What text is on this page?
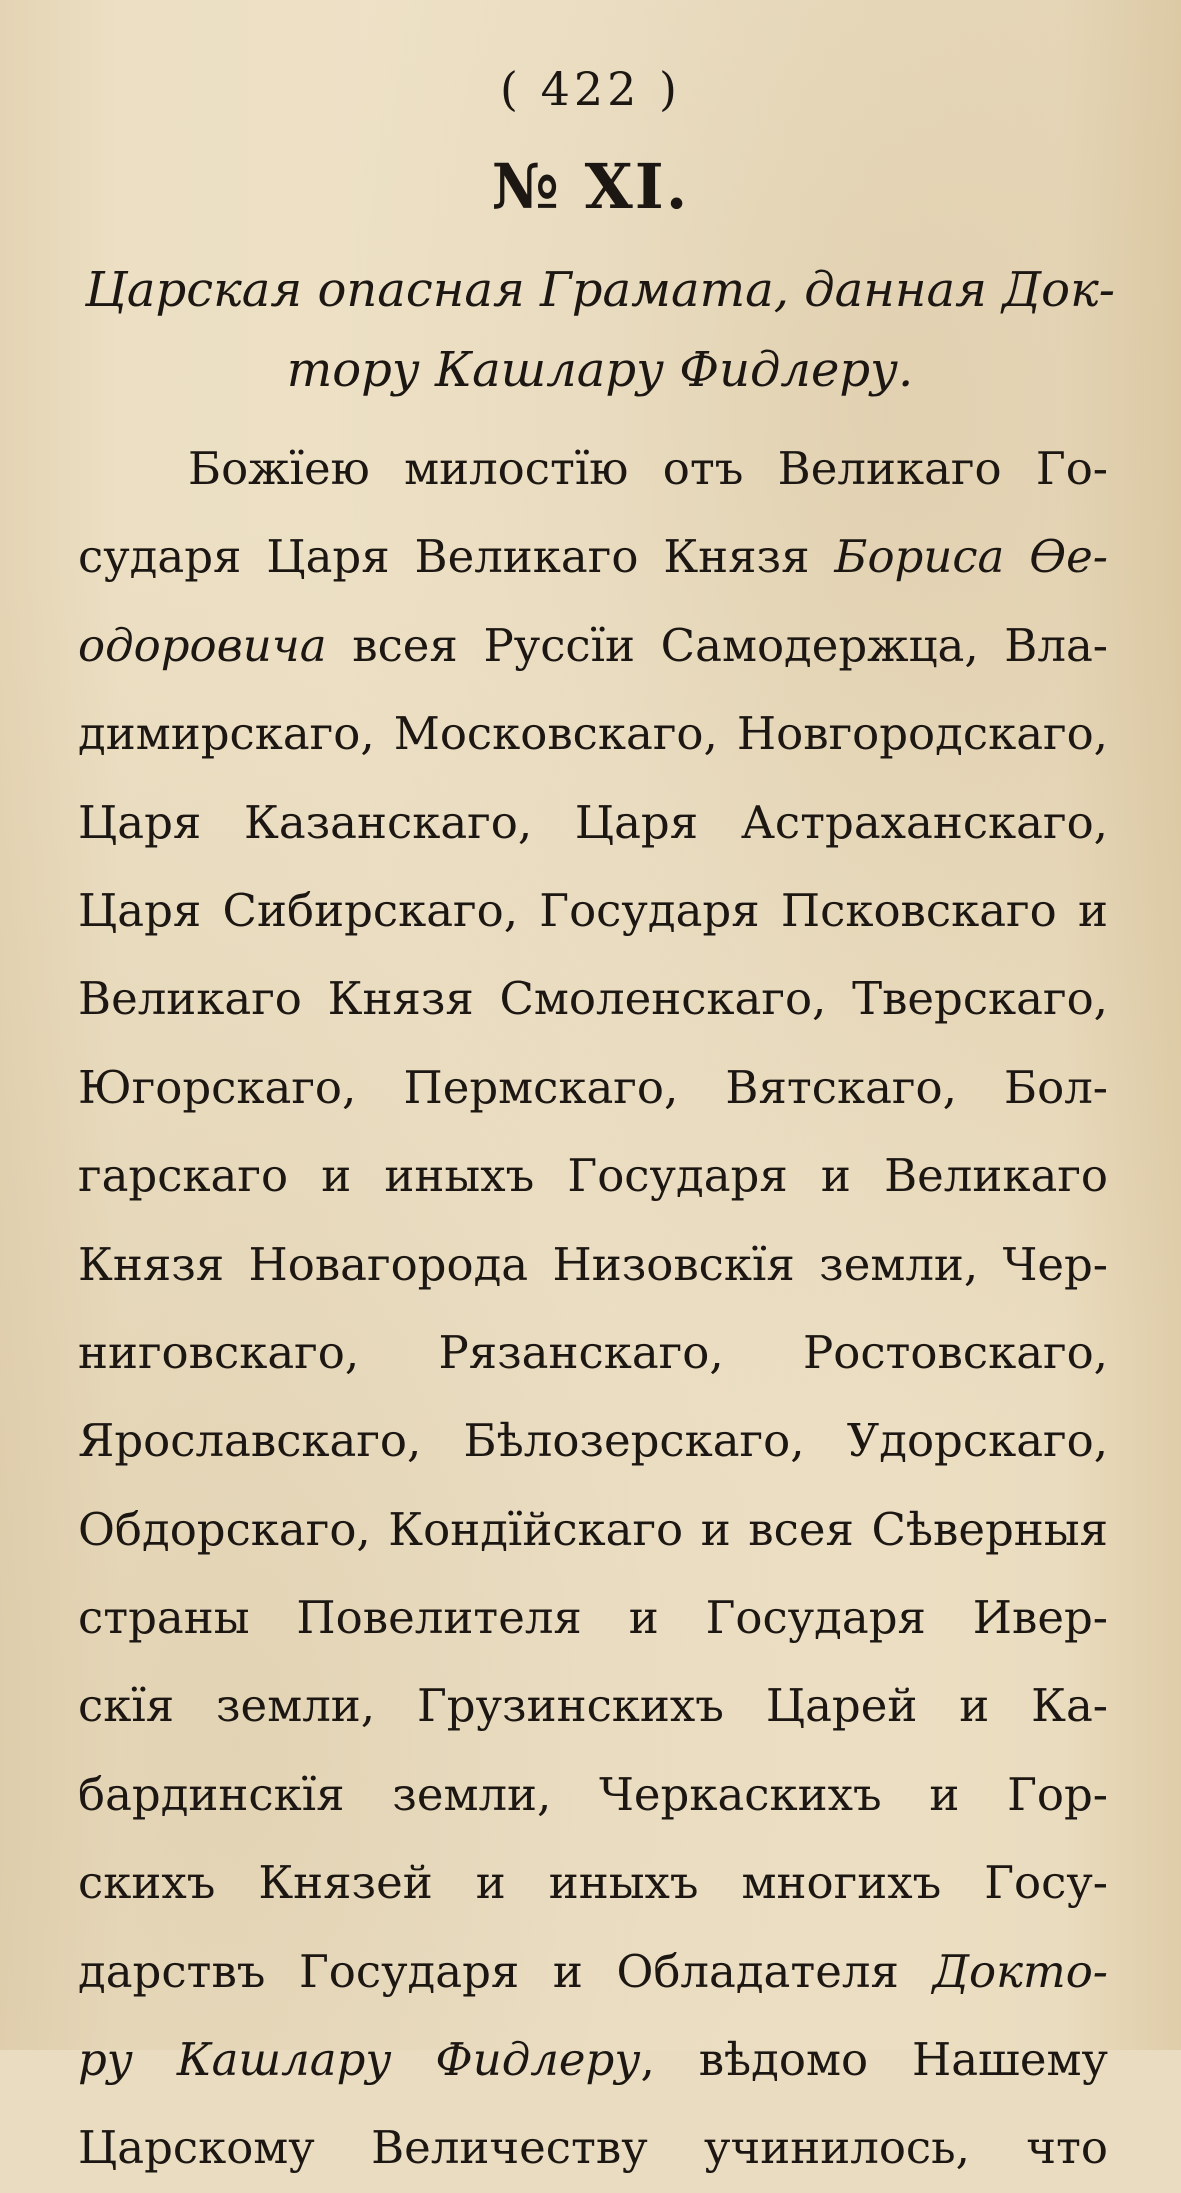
( 422 )
№ XI.
Царская опасная Грамата, данная Док-
тору Кашлару Фидлеру.
Божїею милостїю отъ Великаго Го-
сударя Царя Великаго Князя Бориса Ѳе-
одоровича всея Руссїи Самодержца, Вла-
димирскаго, Московскаго, Новгородскаго,
Царя Казанскаго, Царя Астраханскаго,
Царя Сибирскаго, Государя Псковскаго и
Великаго Князя Смоленскаго, Тверскаго,
Югорскаго, Пермскаго, Вятскаго, Бол-
гарскаго и иныхъ Государя и Великаго
Князя Новагорода Низовскїя земли, Чер-
ниговскаго, Рязанскаго, Ростовскаго,
Ярославскаго, Бѣлозерскаго, Удорскаго,
Обдорскаго, Кондїйскаго и всея Сѣверныя
страны Повелителя и Государя Ивер-
скїя земли, Грузинскихъ Царей и Ка-
бардинскїя земли, Черкаскихъ и Гор-
скихъ Князей и иныхъ многихъ Госу-
дарствъ Государя и Обладателя Докто-
ру Кашлару Фидлеру, вѣдомо Нашему
Царскому Величеству учинилось, что
